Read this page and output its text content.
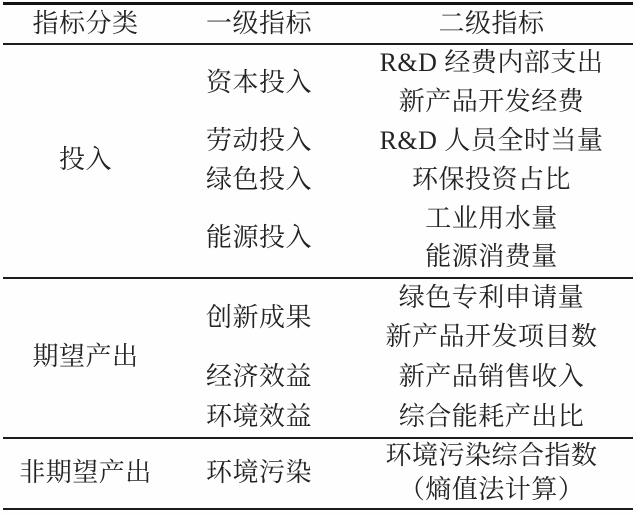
指标分类	一级指标	二级指标
投入	资本投入	R&D 经费内部支出
		新产品开发经费
	劳动投入	R&D 人员全时当量
	绿色投入	环保投资占比
	能源投入	工业用水量
		能源消费量
期望产出	创新成果	绿色专利申请量
		新产品开发项目数
	经济效益	新产品销售收入
	环境效益	综合能耗产出比
非期望产出	环境污染	环境污染综合指数
（熵值法计算）
